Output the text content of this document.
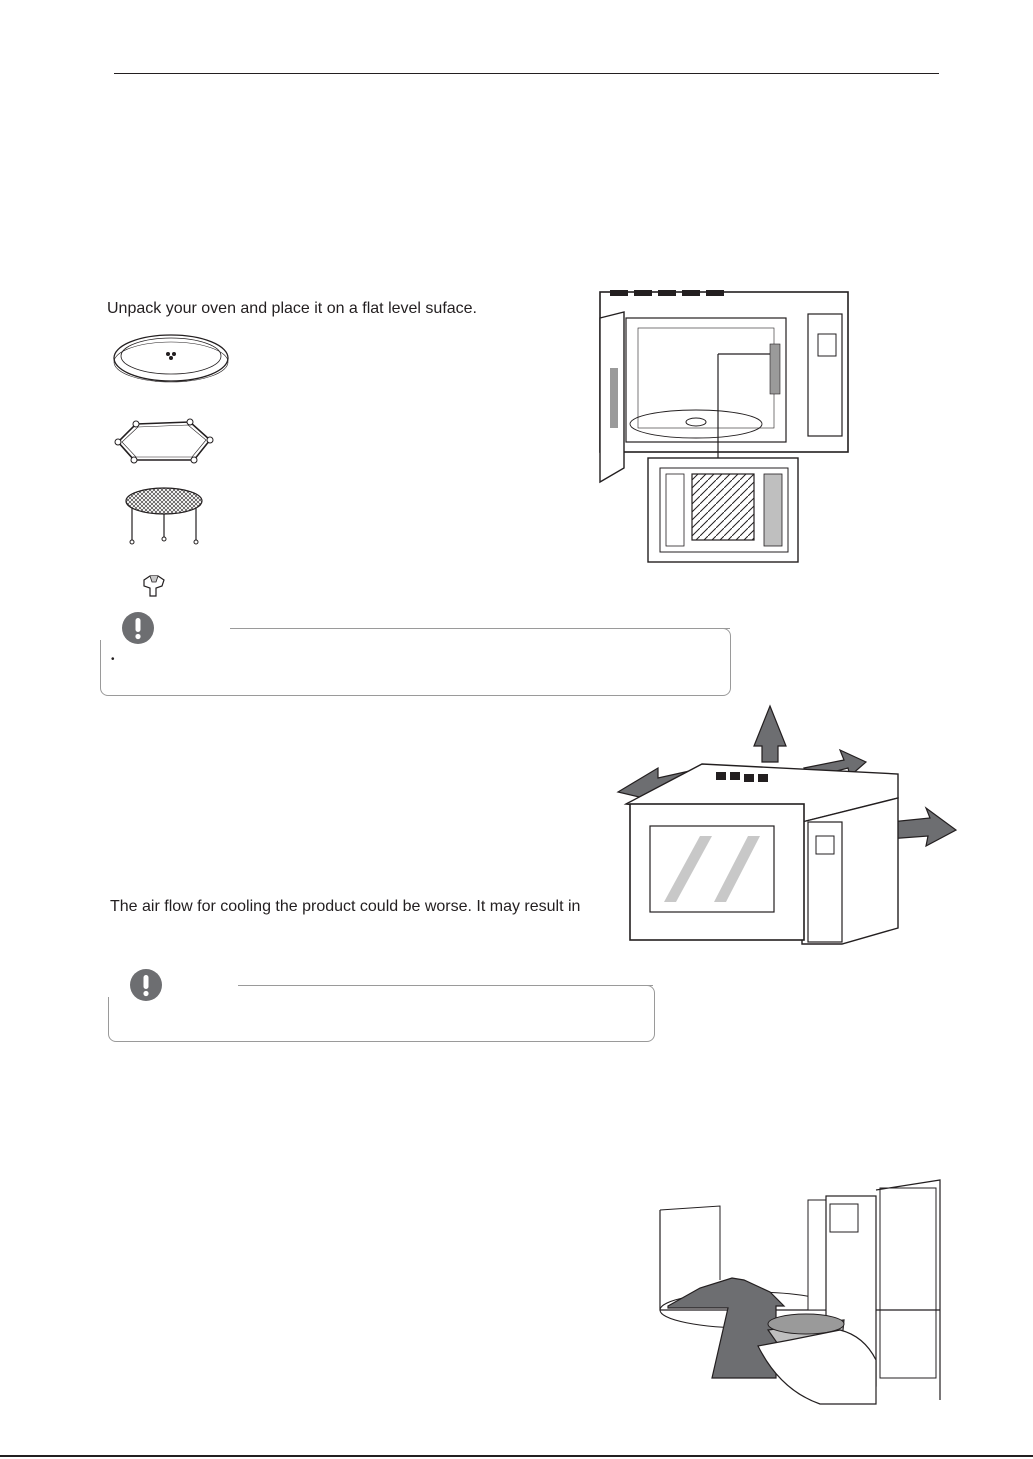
Unpack your oven and place it on a flat level suface.
•
The air flow for cooling the product could be worse. It may result in
